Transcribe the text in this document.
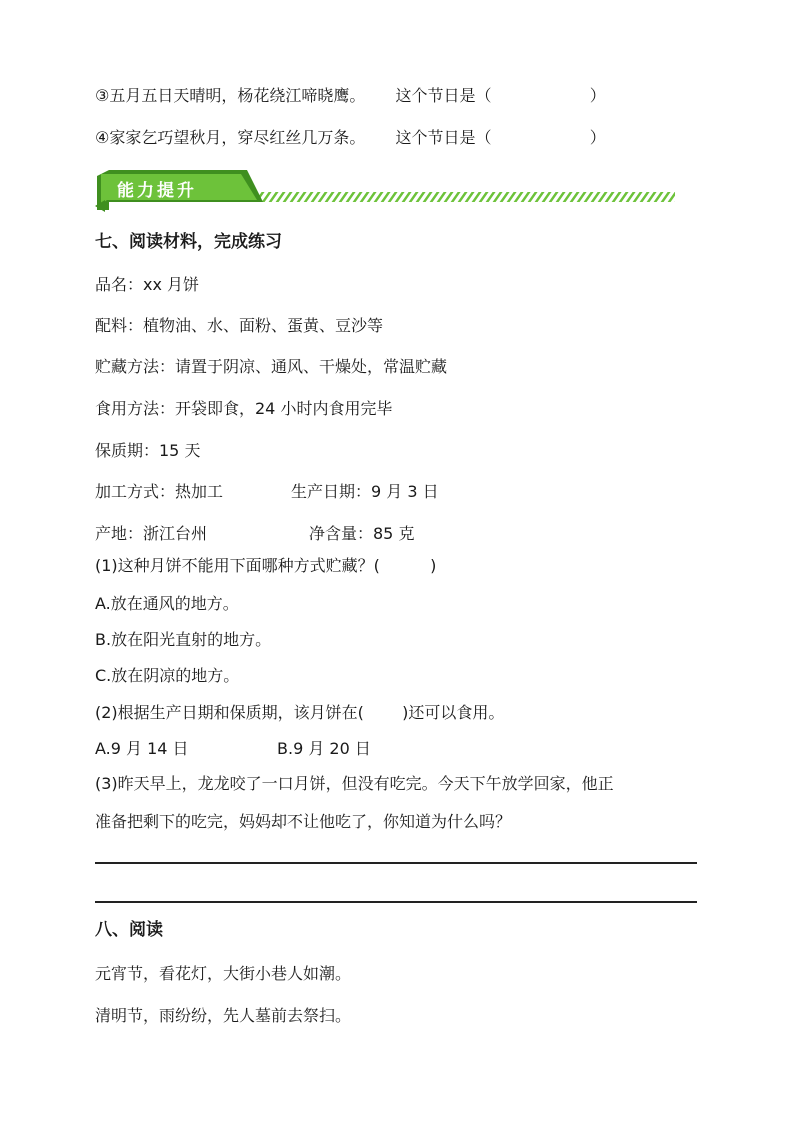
③五月五日天晴明，杨花绕江啼晓鹰。 这个节日是（	）
④家家乞巧望秋月，穿尽红丝几万条。 这个节日是（	）
能力提升
七、阅读材料，完成练习
品名：xx 月饼
配料：植物油、水、面粉、蛋黄、豆沙等
贮藏方法：请置于阴凉、通风、干燥处，常温贮藏
食用方法：开袋即食，24 小时内食用完毕
保质期：15 天
加工方式：热加工	生产日期：9 月 3 日
产地：浙江台州	净含量：85 克
(1)这种月饼不能用下面哪种方式贮藏？(	)
A.放在通风的地方。
B.放在阳光直射的地方。
C.放在阴凉的地方。
(2)根据生产日期和保质期，该月饼在( )还可以食用。
A.9 月 14 日	B.9 月 20 日
(3)昨天早上，龙龙咬了一口月饼，但没有吃完。今天下午放学回家，他正
准备把剩下的吃完，妈妈却不让他吃了，你知道为什么吗？
八、阅读
元宵节，看花灯，大街小巷人如潮。
清明节，雨纷纷，先人墓前去祭扫。
